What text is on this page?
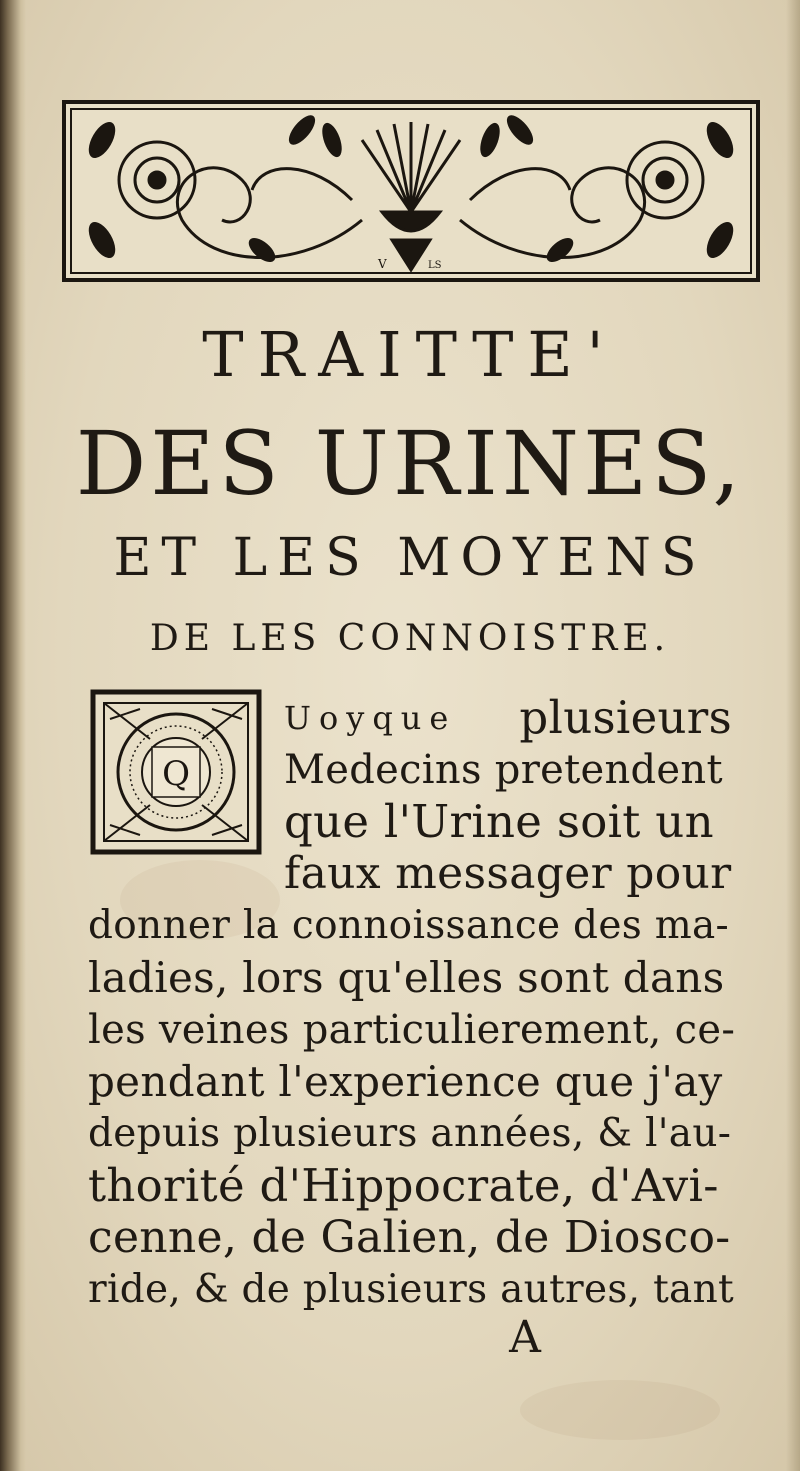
V	LS
TRAITTE'
DES URINES,
ET LES MOYENS
DE LES CONNOISTRE.
Q
Uoyque plusieurs
Medecins pretendent
que l'Urine soit un
faux messager pour
donner la connoissance des ma-
ladies, lors qu'elles sont dans
les veines particulierement, ce-
pendant l'experience que j'ay
depuis plusieurs années, & l'au-
thorité d'Hippocrate, d'Avi-
cenne, de Galien, de Diosco-
ride, & de plusieurs autres, tant
A
